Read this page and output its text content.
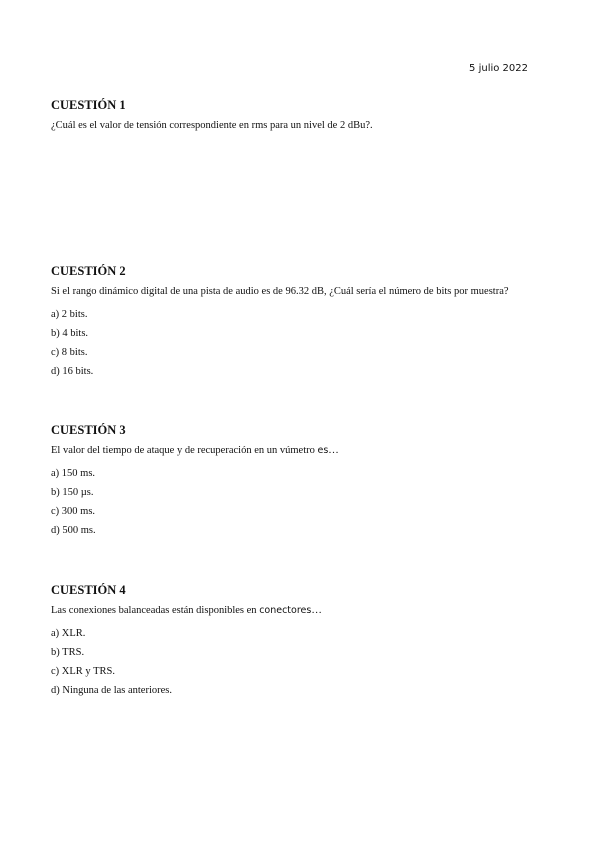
5 julio 2022

CUESTIÓN 1

¿Cuál es el valor de tensión correspondiente en rms para un nivel de 2 dBu?.

CUESTIÓN 2

Si el rango dinámico digital de una pista de audio es de 96.32 dB, ¿Cuál sería el número de bits por muestra?

a) 2 bits.
b) 4 bits.
c) 8 bits.
d) 16 bits.

CUESTIÓN 3

El valor del tiempo de ataque y de recuperación en un vúmetro es…

a) 150 ms.
b) 150 µs.
c) 300 ms.
d) 500 ms.

CUESTIÓN 4

Las conexiones balanceadas están disponibles en conectores…

a) XLR.
b) TRS.
c) XLR y TRS.
d) Ninguna de las anteriores.
